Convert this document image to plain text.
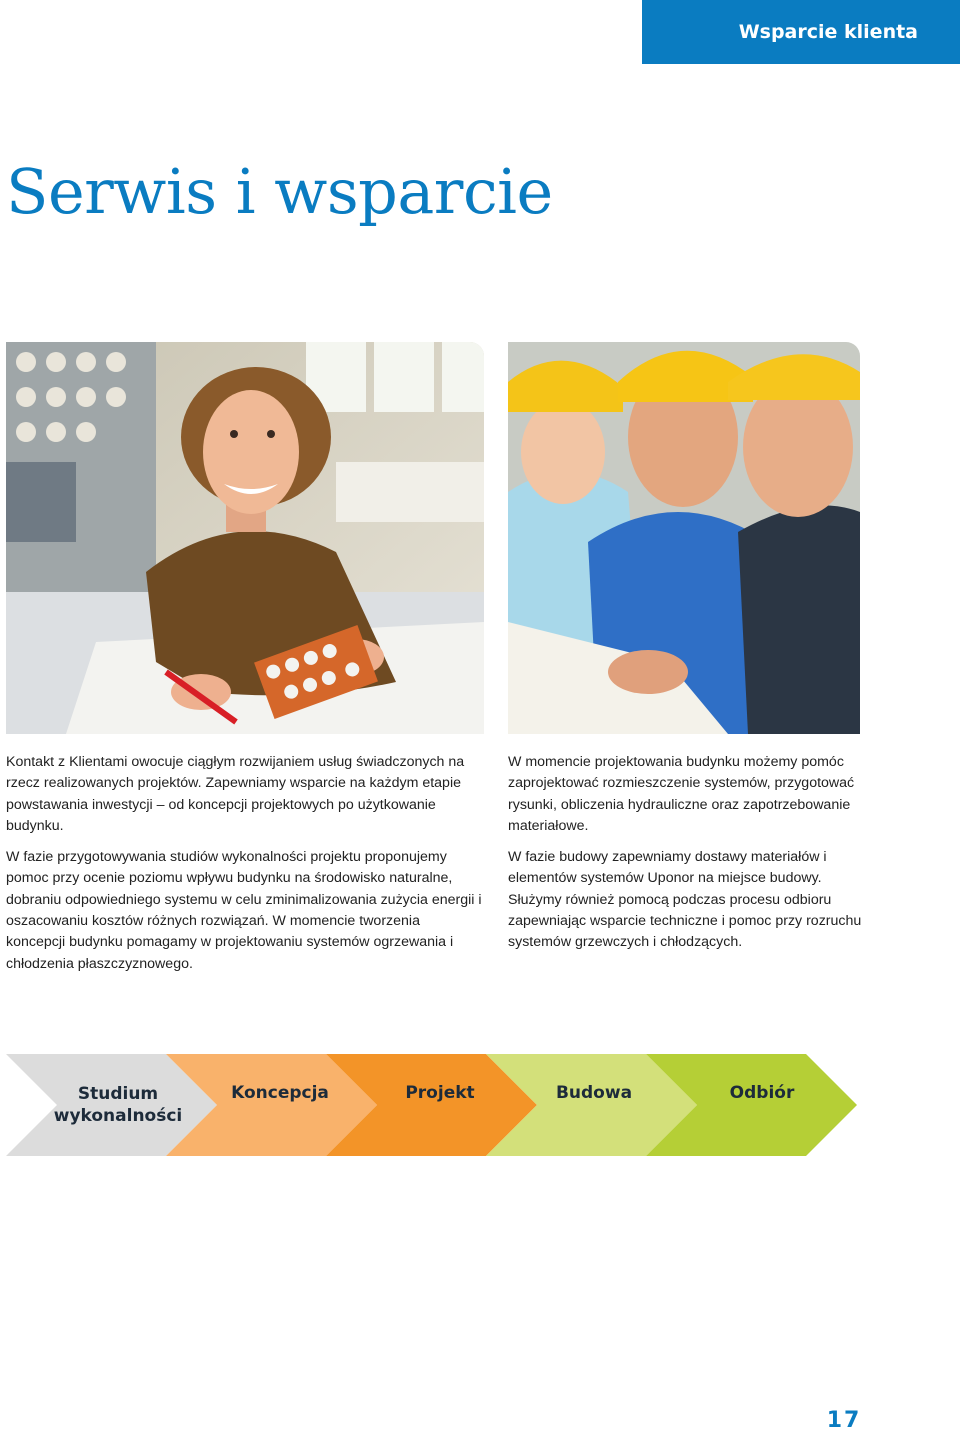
Wsparcie klienta
Serwis i wsparcie

Kontakt z Klientami owocuje ciągłym rozwijaniem usług świadczonych na rzecz realizowanych projektów. Zapewniamy wsparcie na każdym etapie powstawania inwestycji – od koncepcji projektowych po użytkowanie budynku.

W fazie przygotowywania studiów wykonalności projektu proponujemy pomoc przy ocenie poziomu wpływu budynku na środowisko naturalne, dobraniu odpowiedniego systemu w celu zminimalizowania zużycia energii i oszacowaniu kosztów różnych rozwiązań. W momencie tworzenia koncepcji budynku pomagamy w projektowaniu systemów ogrzewania i chłodzenia płaszczyznowego.

W momencie projektowania budynku możemy pomóc zaprojektować rozmieszczenie systemów, przygotować rysunki, obliczenia hydrauliczne oraz zapotrzebowanie materiałowe.

W fazie budowy zapewniamy dostawy materiałów i elementów systemów Uponor na miejsce budowy. Służymy również pomocą podczas procesu odbioru zapewniając wsparcie techniczne i pomoc przy rozruchu systemów grzewczych i chłodzących.

Studium
wykonalności
Koncepcja	Projekt	Budowa	Odbiór
17
